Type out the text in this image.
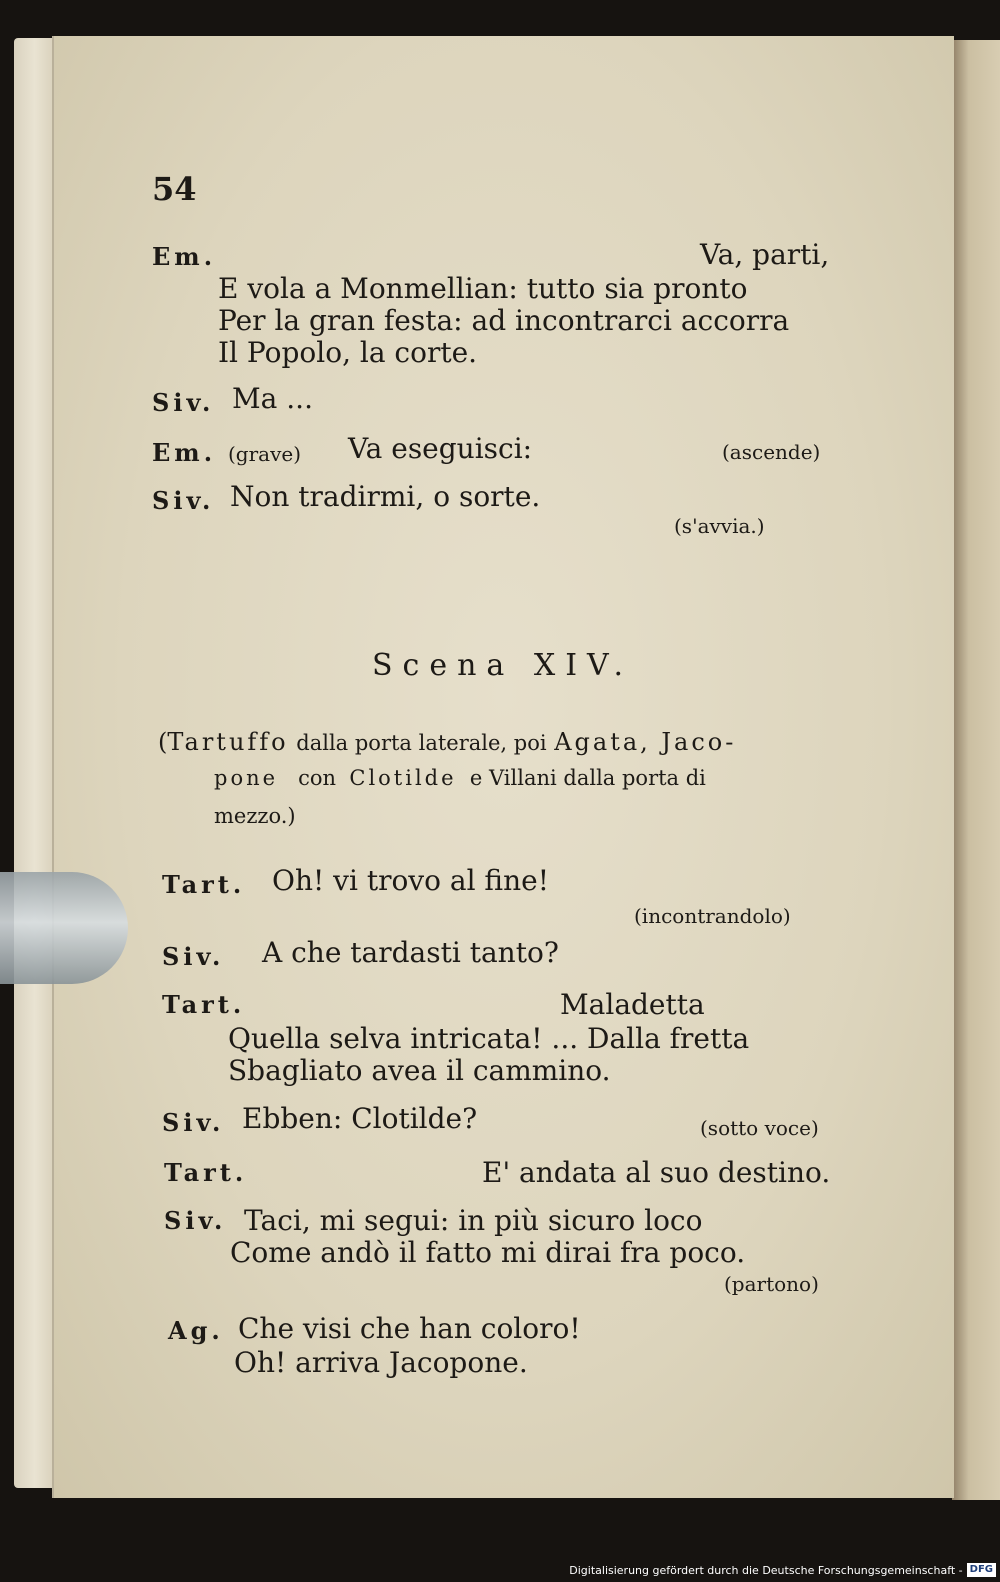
54
Em.	Va, parti,
E vola a Monmellian: tutto sia pronto
Per la gran festa: ad incontrarci accorra
Il Popolo, la corte.
Siv. Ma ...
Em. (grave) Va eseguisci:	(ascende)
Siv. Non tradirmi, o sorte.
(s'avvia.)
Scena XIV.
(Tartuffo dalla porta laterale, poi Agata, Jaco-
pone con Clotilde e Villani dalla porta di
mezzo.)
Tart. Oh! vi trovo al fine!
(incontrandolo)
Siv. A che tardasti tanto?
Tart.	Maladetta
Quella selva intricata! ... Dalla fretta
Sbagliato avea il cammino.
Siv. Ebben: Clotilde?	(sotto voce)
Tart.	E' andata al suo destino.
Siv. Taci, mi segui: in più sicuro loco
Come andò il fatto mi dirai fra poco.
(partono)
Ag. Che visi che han coloro!
Oh! arriva Jacopone.
Digitalisierung gefördert durch die Deutsche Forschungsgemeinschaft - DFG
